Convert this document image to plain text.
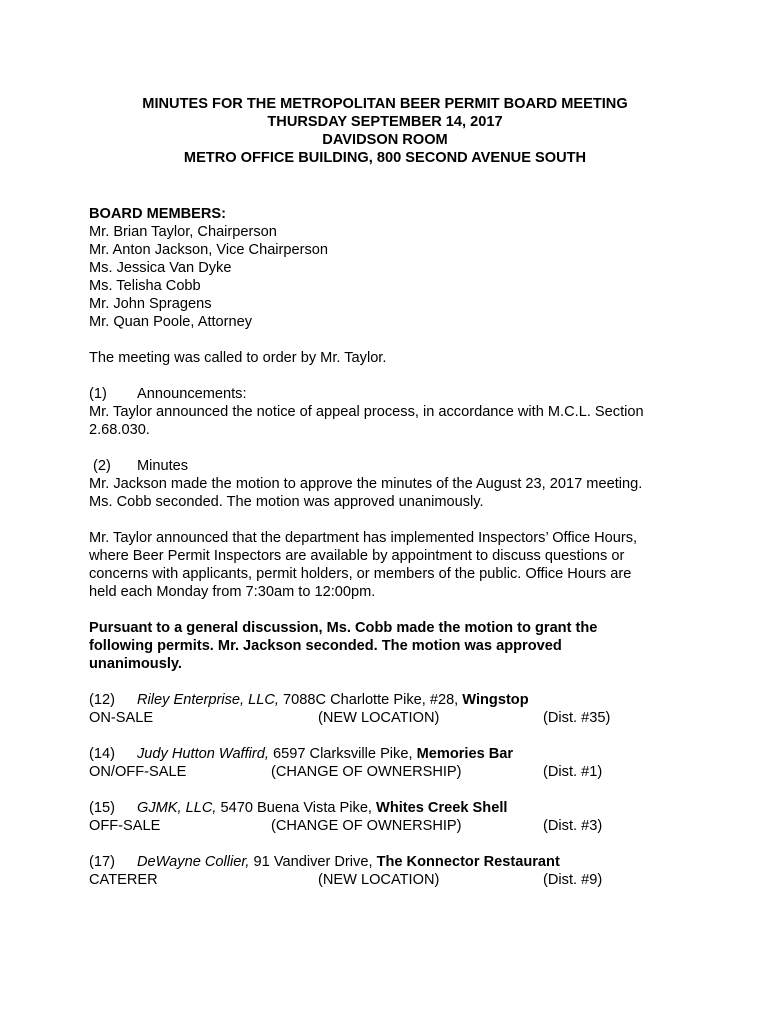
MINUTES FOR THE METROPOLITAN BEER PERMIT BOARD MEETING
THURSDAY SEPTEMBER 14, 2017
DAVIDSON ROOM
METRO OFFICE BUILDING, 800 SECOND AVENUE SOUTH
BOARD MEMBERS:
Mr. Brian Taylor, Chairperson
Mr. Anton Jackson, Vice Chairperson
Ms. Jessica Van Dyke
Ms. Telisha Cobb
Mr. John Spragens
Mr. Quan Poole, Attorney
The meeting was called to order by Mr. Taylor.
(1) Announcements:
Mr. Taylor announced the notice of appeal process, in accordance with M.C.L. Section
2.68.030.
(2) Minutes
Mr. Jackson made the motion to approve the minutes of the August 23, 2017 meeting.
Ms. Cobb seconded. The motion was approved unanimously.
Mr. Taylor announced that the department has implemented Inspectors’ Office Hours,
where Beer Permit Inspectors are available by appointment to discuss questions or
concerns with applicants, permit holders, or members of the public. Office Hours are
held each Monday from 7:30am to 12:00pm.
Pursuant to a general discussion, Ms. Cobb made the motion to grant the
following permits. Mr. Jackson seconded. The motion was approved
unanimously.
(12) Riley Enterprise, LLC, 7088C Charlotte Pike, #28, Wingstop
ON-SALE	(NEW LOCATION)	(Dist. #35)
(14) Judy Hutton Waffird, 6597 Clarksville Pike, Memories Bar
ON/OFF-SALE	(CHANGE OF OWNERSHIP)	(Dist. #1)
(15) GJMK, LLC, 5470 Buena Vista Pike, Whites Creek Shell
OFF-SALE	(CHANGE OF OWNERSHIP)	(Dist. #3)
(17) DeWayne Collier, 91 Vandiver Drive, The Konnector Restaurant
CATERER	(NEW LOCATION)	(Dist. #9)
